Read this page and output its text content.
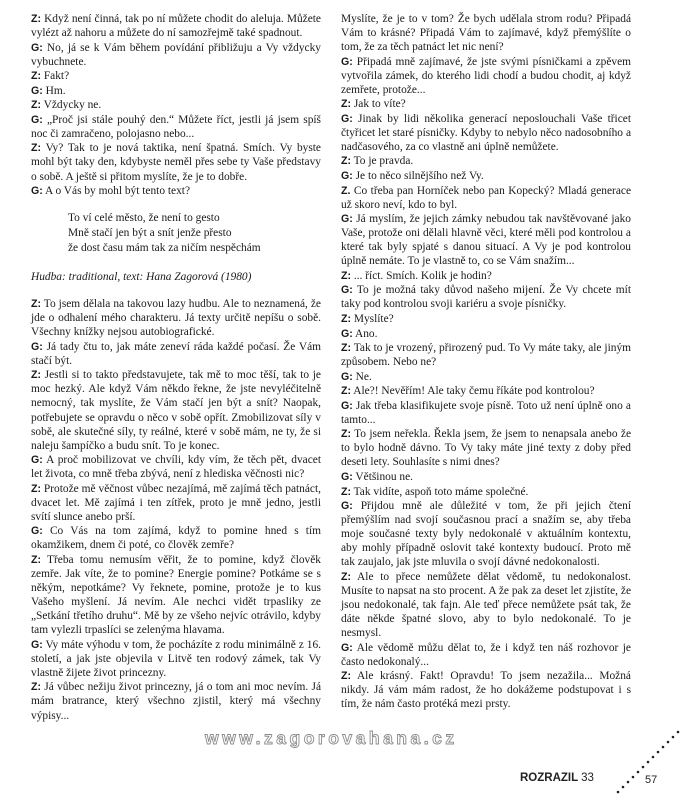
Z: Když není činná, tak po ní můžete chodit do aleluja. Můžete vylézt až nahoru a můžete do ní samozřejmě také spadnout.

G: No, já se k Vám během povídání přibližuju a Vy vždycky vybuchnete.

Z: Fakt?

G: Hm.

Z: Vždycky ne.

G: „Proč jsi stále pouhý den.“ Můžete říct, jestli já jsem spíš noc či zamračeno, polojasno nebo...

Z: Vy? Tak to je nová taktika, není špatná. Smích. Vy byste mohl být taky den, kdybyste neměl přes sebe ty Vaše představy o sobě. A ještě si přitom myslíte, že je to dobře.

G: A o Vás by mohl být tento text?

To ví celé město, že není to gesto
Mně stačí jen být a snít jenže přesto
že dost času mám tak za ničím nespěchám
Hudba: traditional, text: Hana Zagorová (1980)

Z: To jsem dělala na takovou lazy hudbu. Ale to neznamená, že jde o odhalení mého charakteru. Já texty určitě nepíšu o sobě. Všechny knížky nejsou autobiografické.

G: Já tady čtu to, jak máte zeneví ráda každé počasí. Že Vám stačí být.

Z: Jestli si to takto představujete, tak mě to moc těší, tak to je moc hezký. Ale když Vám někdo řekne, že jste nevyléčitelně nemocný, tak myslíte, že Vám stačí jen být a snít? Naopak, potřebujete se opravdu o něco v sobě opřít. Zmobilizovat síly v sobě, ale skutečné síly, ty reálné, které v sobě mám, ne ty, že si naleju šampíčko a budu snít. To je konec.

G: A proč mobilizovat ve chvíli, kdy vím, že těch pět, dvacet let života, co mně třeba zbývá, není z hlediska věčnosti nic?

Z: Protože mě věčnost vůbec nezajímá, mě zajímá těch patnáct, dvacet let. Mě zajímá i ten zítřek, proto je mně jedno, jestli svítí slunce anebo prší.

G: Co Vás na tom zajímá, když to pomine hned s tím okamžikem, dnem či poté, co člověk zemře?

Z: Třeba tomu nemusím věřit, že to pomine, když člověk zemře. Jak víte, že to pomine? Energie pomine? Potkáme se s někým, nepotkáme? Vy řeknete, pomine, protože je to kus Vašeho myšlení. Já nevím. Ale nechci vidět trpasliky ze „Setkání třetího druhu“. Mě by ze všeho nejvíc otrávilo, kdyby tam vylezli trpaslíci se zelenýma hlavama.

G: Vy máte výhodu v tom, že pocházíte z rodu minimálně z 16. století, a jak jste objevila v Litvě ten rodový zámek, tak Vy vlastně žijete život princezny.

Z: Já vůbec nežiju život princezny, já o tom ani moc nevím. Já mám bratrance, který všechno zjistil, který má všechny výpisy...

Myslíte, že je to v tom? Že bych udělala strom rodu? Připadá Vám to krásné? Připadá Vám to zajímavé, když přemýšlíte o tom, že za těch patnáct let nic není?

G: Připadá mně zajímavé, že jste svými písničkami a zpěvem vytvořila zámek, do kterého lidi chodí a budou chodit, aj když zemřete, protože...

Z: Jak to víte?

G: Jinak by lidi několika generací neposlouchali Vaše třicet čtyřicet let staré písničky. Kdyby to nebylo něco nadosobního a nadčasového, za co vlastně ani úplně nemůžete.

Z: To je pravda.

G: Je to něco silnějšího než Vy.

Z. Co třeba pan Horníček nebo pan Kopecký? Mladá generace už skoro neví, kdo to byl.

G: Já myslím, že jejich zámky nebudou tak navštěvované jako Vaše, protože oni dělali hlavně věci, které měli pod kontrolou a které tak byly spjaté s danou situací. A Vy je pod kontrolou úplně nemáte. To je vlastně to, co se Vám snažím...

Z: ... říct. Smích. Kolik je hodin?

G: To je možná taky důvod našeho mijení. Že Vy chcete mít taky pod kontrolou svoji kariéru a svoje písničky.

Z: Myslíte?

G: Ano.

Z: Tak to je vrozený, přirozený pud. To Vy máte taky, ale jiným způsobem. Nebo ne?

G: Ne.

Z: Ale?! Nevěřím! Ale taky čemu říkáte pod kontrolou?

G: Jak třeba klasifikujete svoje písně. Toto už není úplně ono a tamto...

Z: To jsem neřekla. Řekla jsem, že jsem to nenapsala anebo že to bylo hodně dávno. To Vy taky máte jiné texty z doby před deseti lety. Souhlasíte s nimi dnes?

G: Většinou ne.

Z: Tak vidíte, aspoň toto máme společné.

G: Přijdou mně ale důležité v tom, že při jejich čtení přemýšlím nad svojí současnou prací a snažím se, aby třeba moje současné texty byly nedokonalé v aktuálním kontextu, aby mohly případně oslovit také kontexty budoucí. Proto mě tak zaujalo, jak jste mluvila o svojí dávné nedokonalosti.

Z: Ale to přece nemůžete dělat vědomě, tu nedokonalost. Musíte to napsat na sto procent. A že pak za deset let zjistíte, že jsou nedokonalé, tak fajn. Ale teď přece nemůžete psát tak, že dáte někde špatné slovo, aby to bylo nedokonalé. To je nesmysl.

G: Ale vědomě můžu dělat to, že i když ten náš rozhovor je často nedokonalý...

Z: Ale krásný. Fakt! Opravdu! To jsem nezažila... Možná nikdy. Já vám mám radost, že ho dokážeme podstupovat i s tím, že nám často protéká mezi prsty.

www.zagorovahana.cz
ROZRAZIL 33	57
